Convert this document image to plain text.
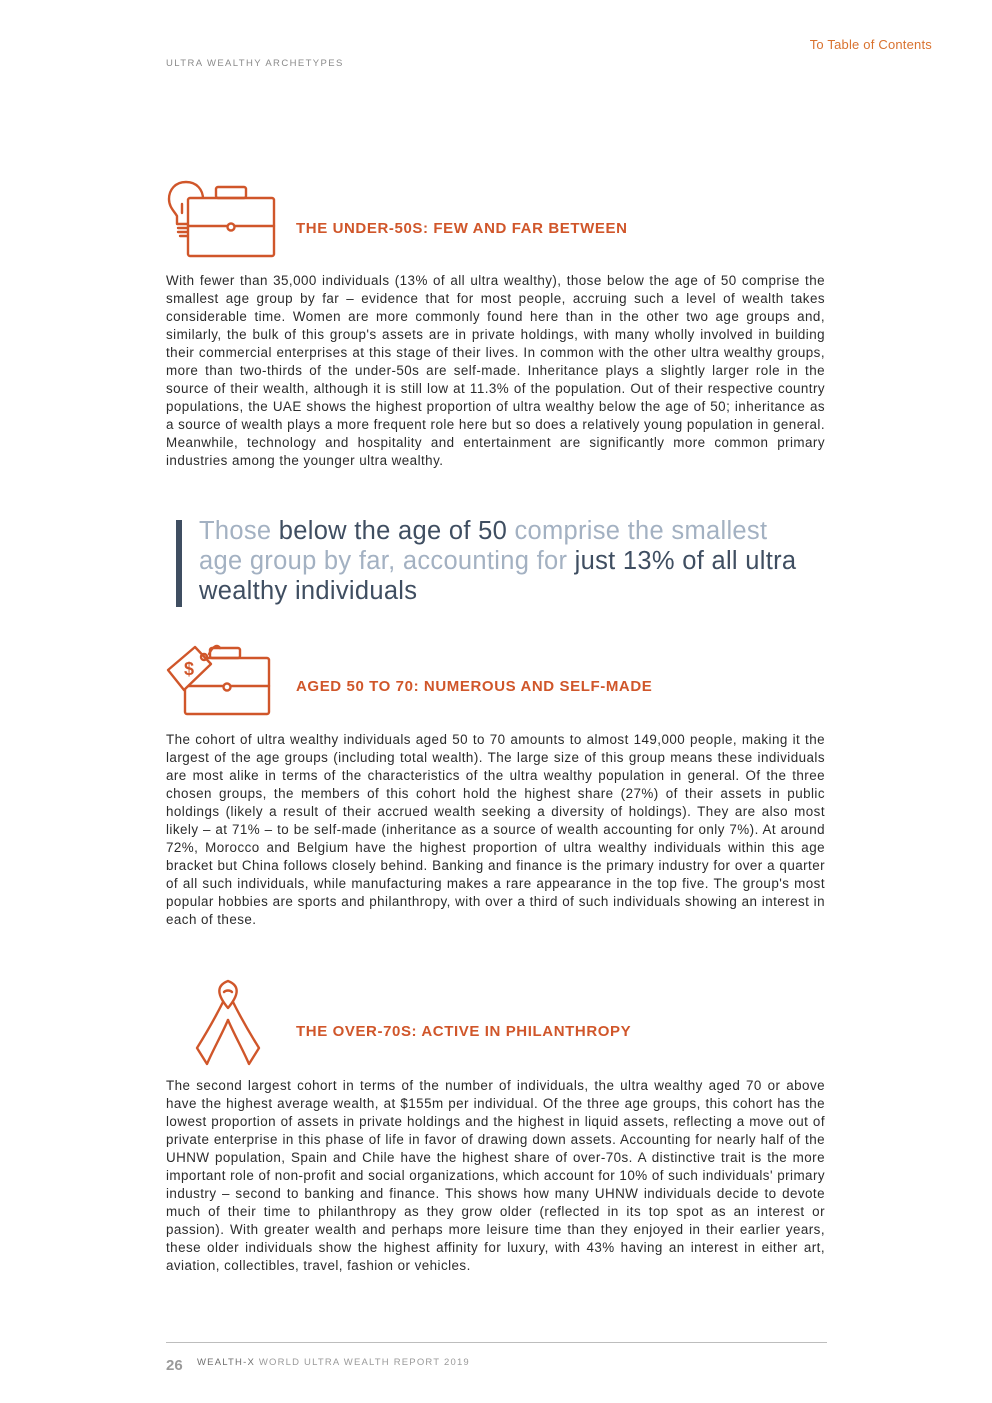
To Table of Contents
ULTRA WEALTHY ARCHETYPES
THE UNDER-50S: FEW AND FAR BETWEEN

With fewer than 35,000 individuals (13% of all ultra wealthy), those below the age of 50 comprise the smallest age group by far – evidence that for most people, accruing such a level of wealth takes considerable time. Women are more commonly found here than in the other two age groups and, similarly, the bulk of this group's assets are in private holdings, with many wholly involved in building their commercial enterprises at this stage of their lives. In common with the other ultra wealthy groups, more than two-thirds of the under-50s are self-made. Inheritance plays a slightly larger role in the source of their wealth, although it is still low at 11.3% of the population. Out of their respective country populations, the UAE shows the highest proportion of ultra wealthy below the age of 50; inheritance as a source of wealth plays a more frequent role here but so does a relatively young population in general. Meanwhile, technology and hospitality and entertainment are significantly more common primary industries among the younger ultra wealthy.

Those below the age of 50 comprise the smallest age group by far, accounting for just 13% of all ultra wealthy individuals

$
AGED 50 TO 70: NUMEROUS AND SELF-MADE

The cohort of ultra wealthy individuals aged 50 to 70 amounts to almost 149,000 people, making it the largest of the age groups (including total wealth). The large size of this group means these individuals are most alike in terms of the characteristics of the ultra wealthy population in general. Of the three chosen groups, the members of this cohort hold the highest share (27%) of their assets in public holdings (likely a result of their accrued wealth seeking a diversity of holdings). They are also most likely – at 71% – to be self-made (inheritance as a source of wealth accounting for only 7%). At around 72%, Morocco and Belgium have the highest proportion of ultra wealthy individuals within this age bracket but China follows closely behind. Banking and finance is the primary industry for over a quarter of all such individuals, while manufacturing makes a rare appearance in the top five. The group's most popular hobbies are sports and philanthropy, with over a third of such individuals showing an interest in each of these.

THE OVER-70S: ACTIVE IN PHILANTHROPY

The second largest cohort in terms of the number of individuals, the ultra wealthy aged 70 or above have the highest average wealth, at $155m per individual. Of the three age groups, this cohort has the lowest proportion of assets in private holdings and the highest in liquid assets, reflecting a move out of private enterprise in this phase of life in favor of drawing down assets. Accounting for nearly half of the UHNW population, Spain and Chile have the highest share of over-70s. A distinctive trait is the more important role of non-profit and social organizations, which account for 10% of such individuals' primary industry – second to banking and finance. This shows how many UHNW individuals decide to devote much of their time to philanthropy as they grow older (reflected in its top spot as an interest or passion). With greater wealth and perhaps more leisure time than they enjoyed in their earlier years, these older individuals show the highest affinity for luxury, with 43% having an interest in either art, aviation, collectibles, travel, fashion or vehicles.

26 WEALTH-X WORLD ULTRA WEALTH REPORT 2019
